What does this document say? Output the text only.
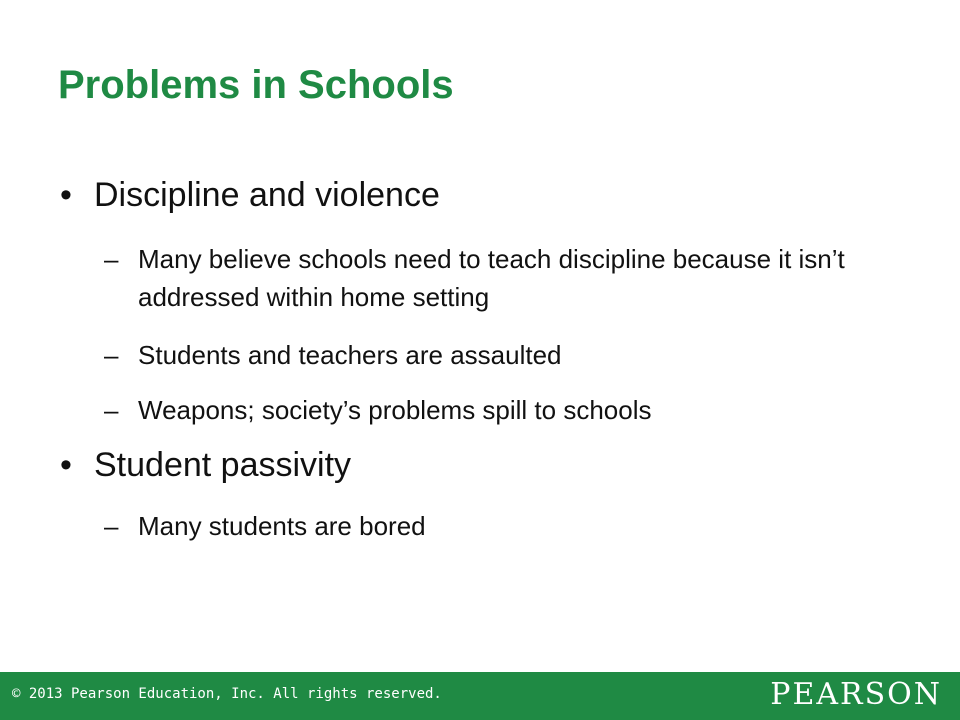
Problems in Schools
• Discipline and violence
– Many believe schools need to teach discipline because it isn’t addressed within home setting
– Students and teachers are assaulted
– Weapons; society’s problems spill to schools
• Student passivity
– Many students are bored
© 2013 Pearson Education, Inc. All rights reserved.	PEARSON
